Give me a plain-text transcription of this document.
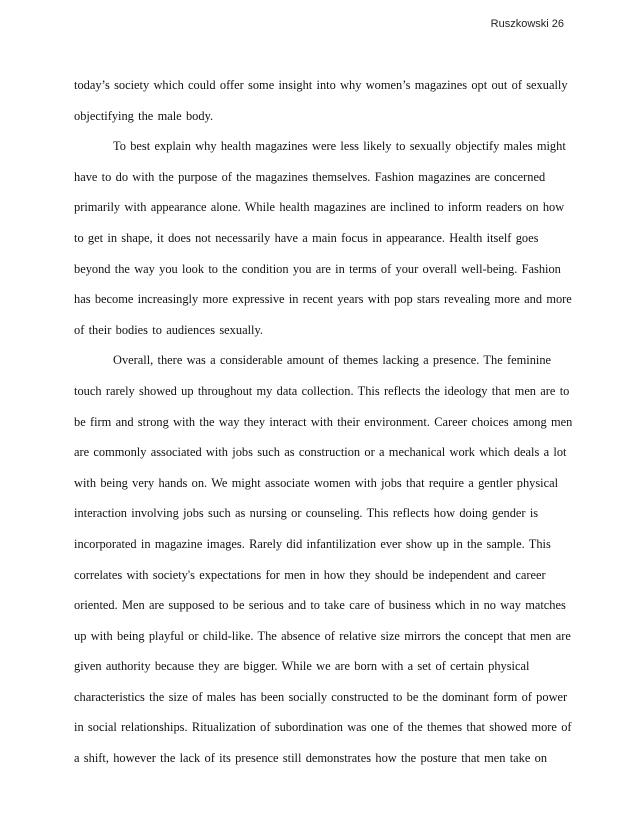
Ruszkowski 26
today’s society which could offer some insight into why women’s magazines opt out of sexually
objectifying the male body.
To best explain why health magazines were less likely to sexually objectify males might
have to do with the purpose of the magazines themselves. Fashion magazines are concerned
primarily with appearance alone. While health magazines are inclined to inform readers on how
to get in shape, it does not necessarily have a main focus in appearance. Health itself goes
beyond the way you look to the condition you are in terms of your overall well-being. Fashion
has become increasingly more expressive in recent years with pop stars revealing more and more
of their bodies to audiences sexually.
Overall, there was a considerable amount of themes lacking a presence. The feminine
touch rarely showed up throughout my data collection. This reflects the ideology that men are to
be firm and strong with the way they interact with their environment. Career choices among men
are commonly associated with jobs such as construction or a mechanical work which deals a lot
with being very hands on. We might associate women with jobs that require a gentler physical
interaction involving jobs such as nursing or counseling. This reflects how doing gender is
incorporated in magazine images. Rarely did infantilization ever show up in the sample. This
correlates with society's expectations for men in how they should be independent and career
oriented. Men are supposed to be serious and to take care of business which in no way matches
up with being playful or child-like. The absence of relative size mirrors the concept that men are
given authority because they are bigger. While we are born with a set of certain physical
characteristics the size of males has been socially constructed to be the dominant form of power
in social relationships. Ritualization of subordination was one of the themes that showed more of
a shift, however the lack of its presence still demonstrates how the posture that men take on
